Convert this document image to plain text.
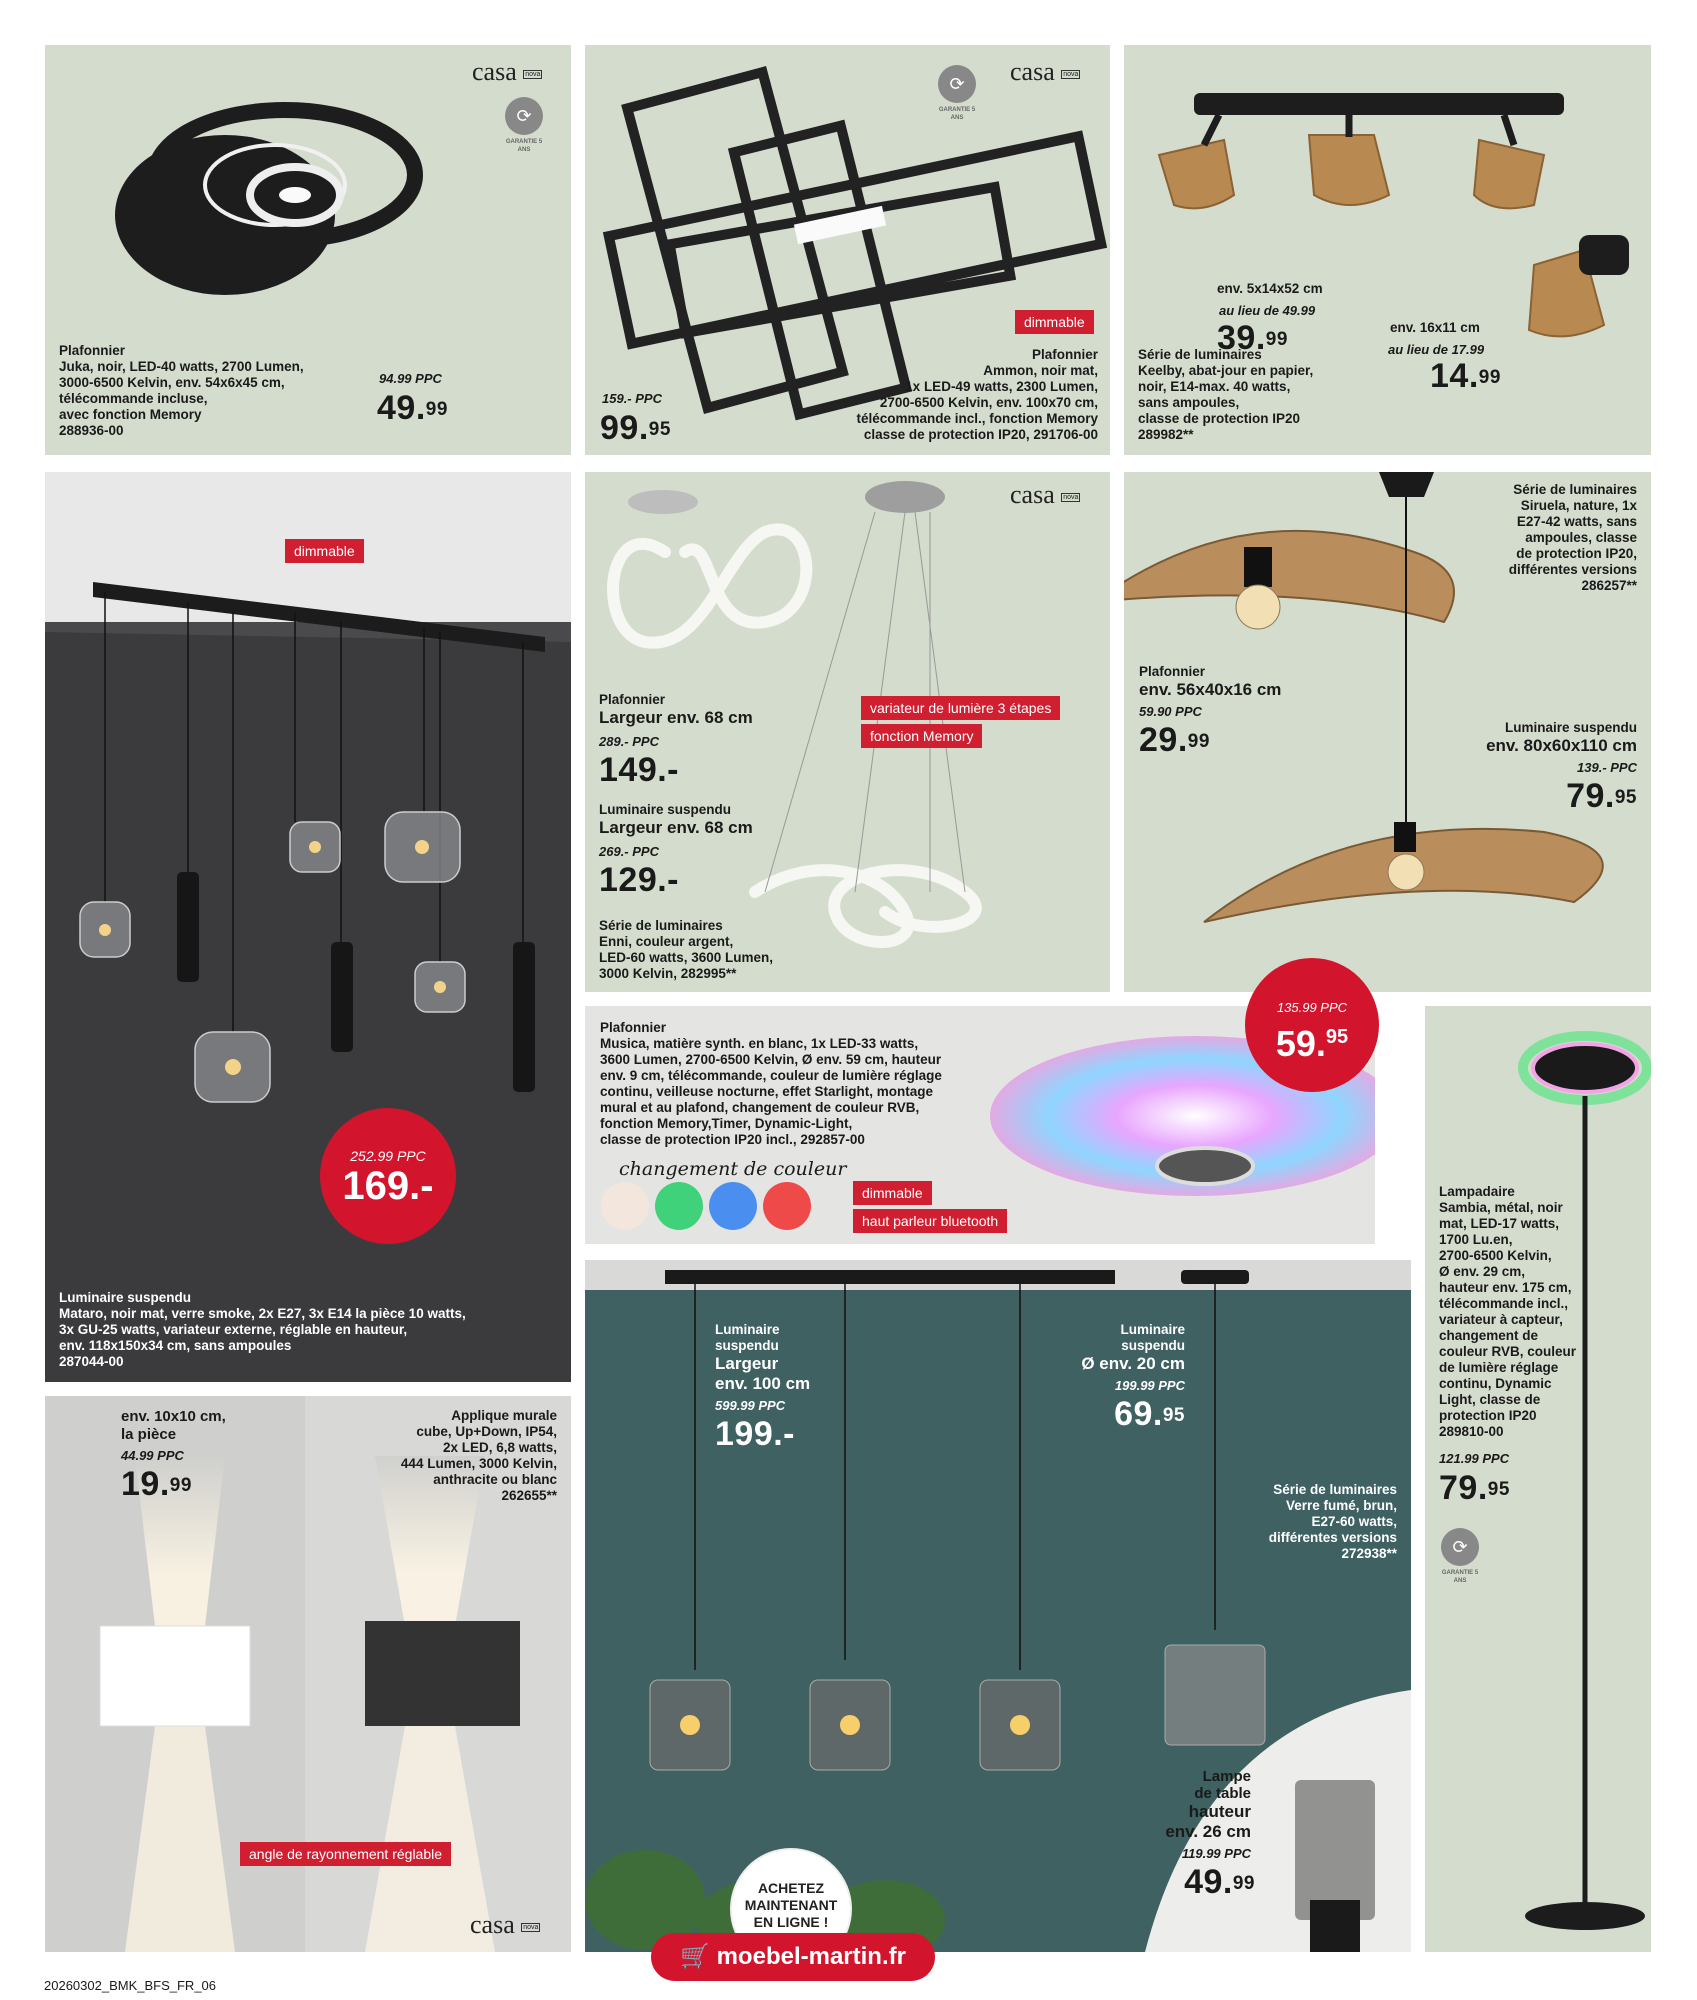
casa nova
⟳
GARANTIE 5 ANS
Plafonnier
Juka, noir, LED-40 watts, 2700 Lumen,
3000-6500 Kelvin, env. 54x6x45 cm,
télécommande incluse,
avec fonction Memory
288936-00
94.99 PPC
49.99
casa nova
⟳
GARANTIE 5 ANS
dimmable
Plafonnier
Ammon, noir mat,
1x LED-49 watts, 2300 Lumen,
2700-6500 Kelvin, env. 100x70 cm,
télécommande incl., fonction Memory
classe de protection IP20, 291706-00
159.- PPC
99.95
env. 5x14x52 cm
au lieu de 49.99
39.99
env. 16x11 cm
au lieu de 17.99
14.99
Série de luminaires
Keelby, abat-jour en papier,
noir, E14-max. 40 watts,
sans ampoules,
classe de protection IP20
289982**
dimmable
252.99 PPC
169.-
Luminaire suspendu
Mataro, noir mat, verre smoke, 2x E27, 3x E14 la pièce 10 watts,
3x GU-25 watts, variateur externe, réglable en hauteur,
env. 118x150x34 cm, sans ampoules
287044-00
casa nova
Plafonnier
Largeur env. 68 cm
289.- PPC
149.-
Luminaire suspendu
Largeur env. 68 cm
269.- PPC
129.-
Série de luminaires
Enni, couleur argent,
LED-60 watts, 3600 Lumen,
3000 Kelvin, 282995**
variateur de lumière 3 étapes
fonction Memory
Série de luminaires
Siruela, nature, 1x
E27-42 watts, sans
ampoules, classe
de protection IP20,
différentes versions
286257**
Plafonnier
env. 56x40x16 cm
59.90 PPC
29.99
Luminaire suspendu
env. 80x60x110 cm
139.- PPC
79.95
Plafonnier
Musica, matière synth. en blanc, 1x LED-33 watts,
3600 Lumen, 2700-6500 Kelvin, Ø env. 59 cm, hauteur
env. 9 cm, télécommande, couleur de lumière réglage
continu, veilleuse nocturne, effet Starlight, montage
mural et au plafond, changement de couleur RVB,
fonction Memory,Timer, Dynamic-Light,
classe de protection IP20 incl., 292857-00
changement de couleur
dimmable
haut parleur bluetooth
135.99 PPC
59.95
Lampadaire
Sambia, métal, noir
mat, LED-17 watts,
1700 Lu.en,
2700-6500 Kelvin,
Ø env. 29 cm,
hauteur env. 175 cm,
télécommande incl.,
variateur à capteur,
changement de
couleur RVB, couleur
de lumière réglage
continu, Dynamic
Light, classe de
protection IP20
289810-00
121.99 PPC
79.95
⟳
GARANTIE 5 ANS
env. 10x10 cm,
la pièce
44.99 PPC
19.99
Applique murale
cube, Up+Down, IP54,
2x LED, 6,8 watts,
444 Lumen, 3000 Kelvin,
anthracite ou blanc
262655**
angle de rayonnement réglable
casa nova
Luminaire
suspendu
Largeur
env. 100 cm
599.99 PPC
199.-
Luminaire
suspendu
Ø env. 20 cm
199.99 PPC
69.95
Série de luminaires
Verre fumé, brun,
E27-60 watts,
différentes versions
272938**
Lampe
de table
hauteur
env. 26 cm
119.99 PPC
49.99
ACHETEZ
MAINTENANT
EN LIGNE !
🛒 moebel-martin.fr
20260302_BMK_BFS_FR_06
